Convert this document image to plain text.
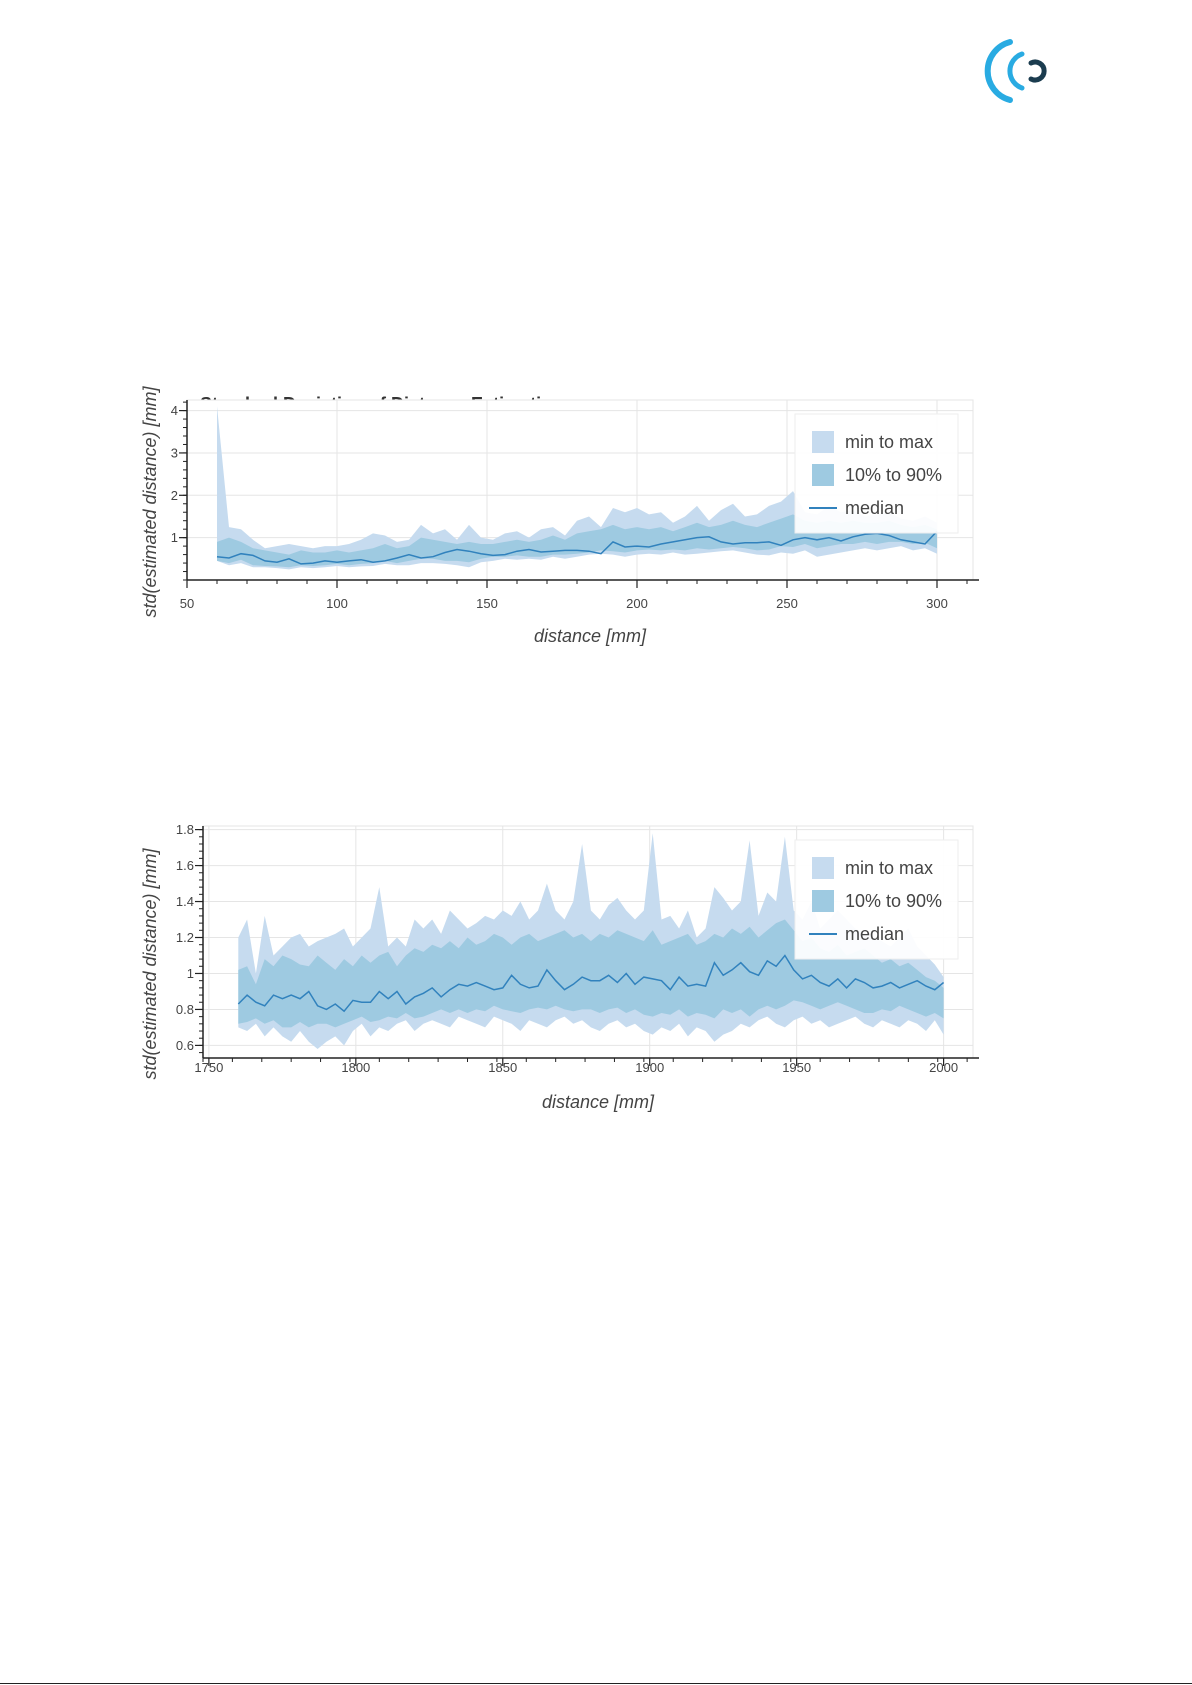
50	100	150	200	250	300
1
2
3
4
distance [mm]
std(estimated distance) [mm]	min to max
10% to 90%
median
1750	1800	1850	1900	1950	2000
0.6
0.8
1
1.2
1.4
1.6
1.8
distance [mm]
std(estimated distance) [mm]	min to max
10% to 90%
median
